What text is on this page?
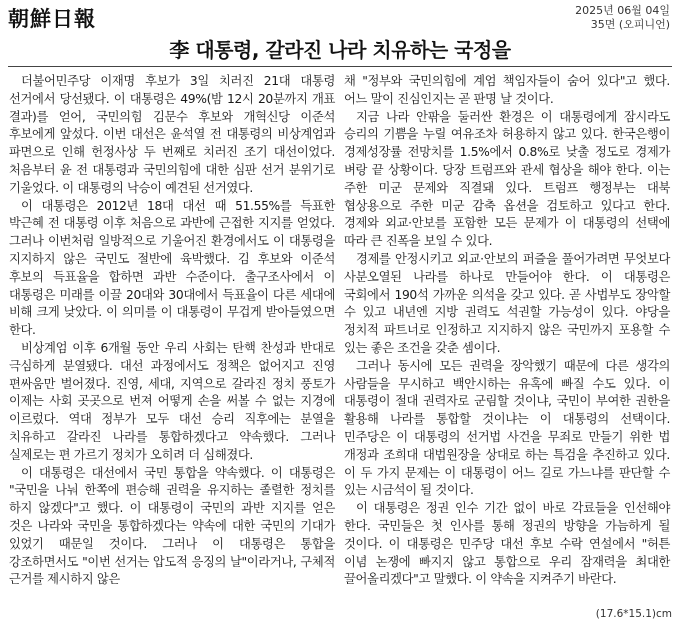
朝鮮日報	2025년 06월 04일
35면 (오피니언)
李 대통령, 갈라진 나라 치유하는 국정을

더불어민주당 이재명 후보가 3일 치러진 21대 대통령 선거에서 당선됐다. 이 대통령은 49%(밤 12시 20분까지 개표 결과)를 얻어, 국민의힘 김문수 후보와 개혁신당 이준석 후보에게 앞섰다. 이번 대선은 윤석열 전 대통령의 비상계엄과 파면으로 인해 헌정사상 두 번째로 치러진 조기 대선이었다. 처음부터 윤 전 대통령과 국민의힘에 대한 심판 선거 분위기로 기울었다. 이 대통령의 낙승이 예견된 선거였다.

이 대통령은 2012년 18대 대선 때 51.55%를 득표한 박근혜 전 대통령 이후 처음으로 과반에 근접한 지지를 얻었다. 그러나 이번처럼 일방적으로 기울어진 환경에서도 이 대통령을 지지하지 않은 국민도 절반에 육박했다. 김 후보와 이준석 후보의 득표율을 합하면 과반 수준이다. 출구조사에서 이 대통령은 미래를 이끌 20대와 30대에서 득표율이 다른 세대에 비해 크게 낮았다. 이 의미를 이 대통령이 무겁게 받아들였으면 한다.

비상계엄 이후 6개월 동안 우리 사회는 탄핵 찬성과 반대로 극심하게 분열됐다. 대선 과정에서도 정책은 없어지고 진영 편싸움만 벌어졌다. 진영, 세대, 지역으로 갈라진 정치 풍토가 이제는 사회 곳곳으로 번져 어떻게 손을 써볼 수 없는 지경에 이르렀다. 역대 정부가 모두 대선 승리 직후에는 분열을 치유하고 갈라진 나라를 통합하겠다고 약속했다. 그러나 실제로는 편 가르기 정치가 오히려 더 심해졌다.

이 대통령은 대선에서 국민 통합을 약속했다. 이 대통령은 "국민을 나눠 한쪽에 편승해 권력을 유지하는 졸렬한 정치를 하지 않겠다"고 했다. 이 대통령이 국민의 과반 지지를 얻은 것은 나라와 국민을 통합하겠다는 약속에 대한 국민의 기대가 있었기 때문일 것이다. 그러나 이 대통령은 통합을 강조하면서도 "이번 선거는 압도적 응징의 날"이라거나, 구체적 근거를 제시하지 않은

채 "정부와 국민의힘에 계엄 책임자들이 숨어 있다"고 했다. 어느 말이 진심인지는 곧 판명 날 것이다.

지금 나라 안팎을 둘러싼 환경은 이 대통령에게 잠시라도 승리의 기쁨을 누릴 여유조차 허용하지 않고 있다. 한국은행이 경제성장률 전망치를 1.5%에서 0.8%로 낮출 정도로 경제가 벼랑 끝 상황이다. 당장 트럼프와 관세 협상을 해야 한다. 이는 주한 미군 문제와 직결돼 있다. 트럼프 행정부는 대북 협상용으로 주한 미군 감축 옵션을 검토하고 있다고 한다. 경제와 외교·안보를 포함한 모든 문제가 이 대통령의 선택에 따라 큰 진폭을 보일 수 있다.

경제를 안정시키고 외교·안보의 퍼즐을 풀어가려면 무엇보다 사분오열된 나라를 하나로 만들어야 한다. 이 대통령은 국회에서 190석 가까운 의석을 갖고 있다. 곧 사법부도 장악할 수 있고 내년엔 지방 권력도 석권할 가능성이 있다. 야당을 정치적 파트너로 인정하고 지지하지 않은 국민까지 포용할 수 있는 좋은 조건을 갖춘 셈이다.

그러나 동시에 모든 권력을 장악했기 때문에 다른 생각의 사람들을 무시하고 백안시하는 유혹에 빠질 수도 있다. 이 대통령이 절대 권력자로 군림할 것이냐, 국민이 부여한 권한을 활용해 나라를 통합할 것이냐는 이 대통령의 선택이다. 민주당은 이 대통령의 선거법 사건을 무죄로 만들기 위한 법 개정과 조희대 대법원장을 상대로 하는 특검을 추진하고 있다. 이 두 가지 문제는 이 대통령이 어느 길로 가느냐를 판단할 수 있는 시금석이 될 것이다.

이 대통령은 정권 인수 기간 없이 바로 각료들을 인선해야 한다. 국민들은 첫 인사를 통해 정권의 방향을 가늠하게 될 것이다. 이 대통령은 민주당 대선 후보 수락 연설에서 "허튼 이념 논쟁에 빠지지 않고 통합으로 우리 잠재력을 최대한 끌어올리겠다"고 말했다. 이 약속을 지켜주기 바란다.

(17.6*15.1)cm
